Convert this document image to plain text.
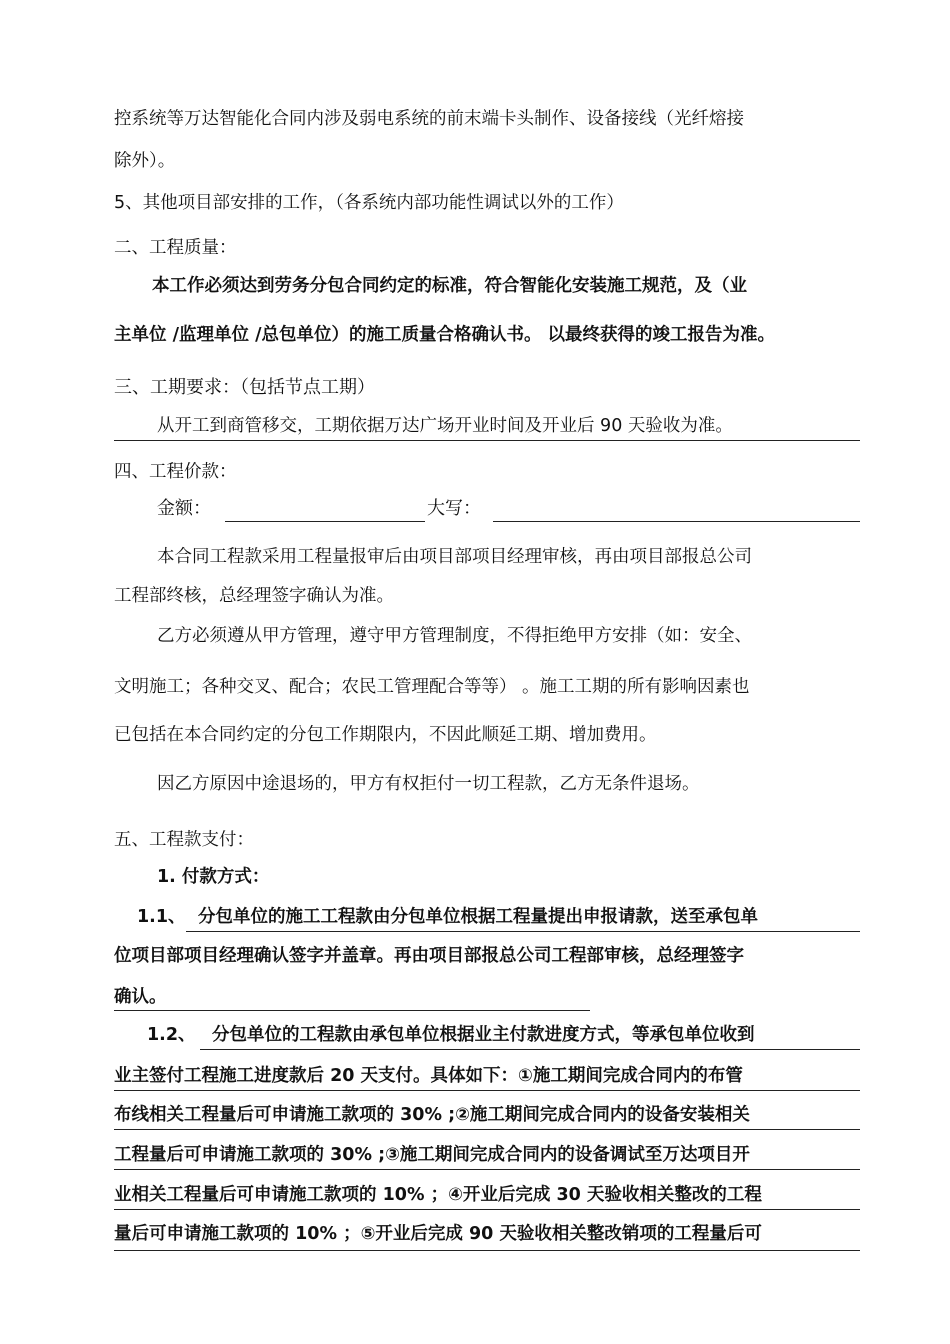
控系统等万达智能化合同内涉及弱电系统的前末端卡头制作、设备接线（光纤熔接
除外）。
5、其他项目部安排的工作，（各系统内部功能性调试以外的工作）
二、工程质量：
本工作必须达到劳务分包合同约定的标准，符合智能化安装施工规范，及（业
主单位 /监理单位 /总包单位）的施工质量合格确认书。 以最终获得的竣工报告为准。
三、工期要求：（包括节点工期）
从开工到商管移交，工期依据万达广场开业时间及开业后 90 天验收为准。
四、工程价款：
金额：	大写：
本合同工程款采用工程量报审后由项目部项目经理审核，再由项目部报总公司
工程部终核，总经理签字确认为准。
乙方必须遵从甲方管理，遵守甲方管理制度，不得拒绝甲方安排（如：安全、
文明施工；各种交叉、配合；农民工管理配合等等） 。施工工期的所有影响因素也
已包括在本合同约定的分包工作期限内，不因此顺延工期、增加费用。
因乙方原因中途退场的，甲方有权拒付一切工程款，乙方无条件退场。
五、工程款支付：
1. 付款方式：
1.1、 分包单位的施工工程款由分包单位根据工程量提出申报请款，送至承包单
位项目部项目经理确认签字并盖章。再由项目部报总公司工程部审核，总经理签字
确认。
1.2、 分包单位的工程款由承包单位根据业主付款进度方式，等承包单位收到
业主签付工程施工进度款后 20 天支付。具体如下：①施工期间完成合同内的布管
布线相关工程量后可申请施工款项的 30% ;②施工期间完成合同内的设备安装相关
工程量后可申请施工款项的 30% ;③施工期间完成合同内的设备调试至万达项目开
业相关工程量后可申请施工款项的 10% ；④开业后完成 30 天验收相关整改的工程
量后可申请施工款项的 10% ；⑤开业后完成 90 天验收相关整改销项的工程量后可
